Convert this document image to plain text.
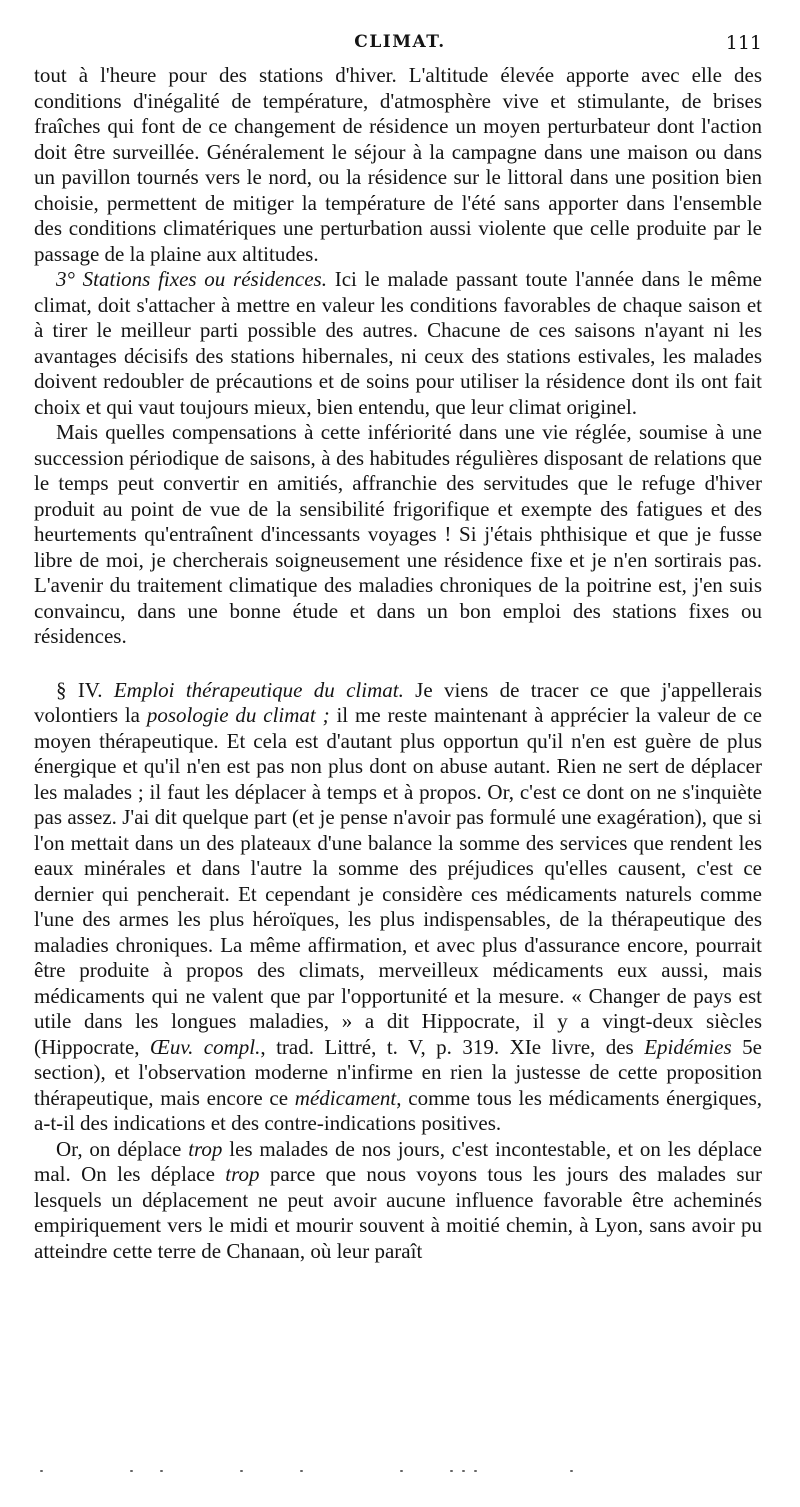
CLIMAT.	111

tout à l'heure pour des stations d'hiver. L'altitude élevée apporte avec elle des conditions d'inégalité de température, d'atmosphère vive et stimulante, de brises fraîches qui font de ce changement de résidence un moyen perturbateur dont l'action doit être surveillée. Généralement le séjour à la campagne dans une maison ou dans un pavillon tournés vers le nord, ou la résidence sur le littoral dans une position bien choisie, permettent de mitiger la température de l'été sans apporter dans l'ensemble des conditions climatériques une perturbation aussi violente que celle produite par le passage de la plaine aux altitudes.

3° Stations fixes ou résidences. Ici le malade passant toute l'année dans le même climat, doit s'attacher à mettre en valeur les conditions favorables de chaque saison et à tirer le meilleur parti possible des autres. Chacune de ces saisons n'ayant ni les avantages décisifs des stations hibernales, ni ceux des stations estivales, les malades doivent redoubler de précautions et de soins pour utiliser la résidence dont ils ont fait choix et qui vaut toujours mieux, bien entendu, que leur climat originel.

Mais quelles compensations à cette infériorité dans une vie réglée, soumise à une succession périodique de saisons, à des habitudes régulières disposant de relations que le temps peut convertir en amitiés, affranchie des servitudes que le refuge d'hiver produit au point de vue de la sensibilité frigorifique et exempte des fatigues et des heurtements qu'entraînent d'incessants voyages ! Si j'étais phthisique et que je fusse libre de moi, je chercherais soigneusement une résidence fixe et je n'en sortirais pas. L'avenir du traitement climatique des maladies chroniques de la poitrine est, j'en suis convaincu, dans une bonne étude et dans un bon emploi des stations fixes ou résidences.

§ IV. Emploi thérapeutique du climat. Je viens de tracer ce que j'appellerais volontiers la posologie du climat ; il me reste maintenant à apprécier la valeur de ce moyen thérapeutique. Et cela est d'autant plus opportun qu'il n'en est guère de plus énergique et qu'il n'en est pas non plus dont on abuse autant. Rien ne sert de déplacer les malades ; il faut les déplacer à temps et à propos. Or, c'est ce dont on ne s'inquiète pas assez. J'ai dit quelque part (et je pense n'avoir pas formulé une exagération), que si l'on mettait dans un des plateaux d'une balance la somme des services que rendent les eaux minérales et dans l'autre la somme des préjudices qu'elles causent, c'est ce dernier qui pencherait. Et cependant je considère ces médicaments naturels comme l'une des armes les plus héroïques, les plus indispensables, de la thérapeutique des maladies chroniques. La même affirmation, et avec plus d'assurance encore, pourrait être produite à propos des climats, merveilleux médicaments eux aussi, mais médicaments qui ne valent que par l'opportunité et la mesure. « Changer de pays est utile dans les longues maladies, » a dit Hippocrate, il y a vingt-deux siècles (Hippocrate, Œuv. compl., trad. Littré, t. V, p. 319. XIe livre, des Epidémies 5e section), et l'observation moderne n'infirme en rien la justesse de cette proposition thérapeutique, mais encore ce médicament, comme tous les médicaments énergiques, a-t-il des indications et des contre-indications positives.

Or, on déplace trop les malades de nos jours, c'est incontestable, et on les déplace mal. On les déplace trop parce que nous voyons tous les jours des malades sur lesquels un déplacement ne peut avoir aucune influence favorable être acheminés empiriquement vers le midi et mourir souvent à moitié chemin, à Lyon, sans avoir pu atteindre cette terre de Chanaan, où leur paraît
